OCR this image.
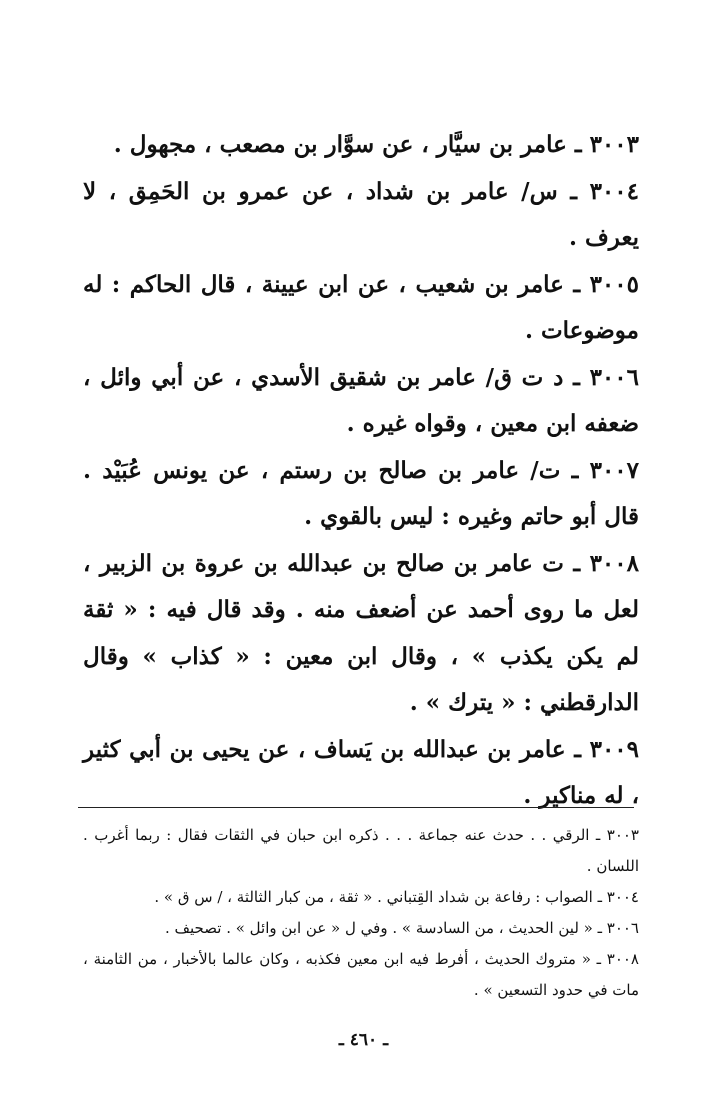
٣٠٠٣ ـ عامر بن سيَّار ، عن سوَّار بن مصعب ، مجهول .

٣٠٠٤ ـ س/ عامر بن شداد ، عن عمرو بن الحَمِق ، لا يعرف .

٣٠٠٥ ـ عامر بن شعيب ، عن ابن عيينة ، قال الحاكم : له موضوعات .

٣٠٠٦ ـ د ت ق/ عامر بن شقيق الأسدي ، عن أبي وائل ، ضعفه ابن معين ، وقواه غيره .

٣٠٠٧ ـ ت/ عامر بن صالح بن رستم ، عن يونس عُبَيْد . قال أبو حاتم وغيره : ليس بالقوي .

٣٠٠٨ ـ ت عامر بن صالح بن عبدالله بن عروة بن الزبير ، لعل ما روى أحمد عن أضعف منه . وقد قال فيه : « ثقة لم يكن يكذب » ، وقال ابن معين : « كذاب » وقال الدارقطني : « يترك » .

٣٠٠٩ ـ عامر بن عبدالله بن يَساف ، عن يحيى بن أبي كثير ، له مناكير .

٣٠٠٣ ـ الرقي . . حدث عنه جماعة . . . ذكره ابن حبان في الثقات فقال : ربما أغرب . اللسان .

٣٠٠٤ ـ الصواب : رفاعة بن شداد القِتباني . « ثقة ، من كبار الثالثة ، / س ق » .

٣٠٠٦ ـ « لين الحديث ، من السادسة » . وفي ل « عن ابن وائل » . تصحيف .

٣٠٠٨ ـ « متروك الحديث ، أفرط فيه ابن معين فكذبه ، وكان عالما بالأخبار ، من الثامنة ، مات في حدود التسعين » .

ـ ٤٦٠ ـ
